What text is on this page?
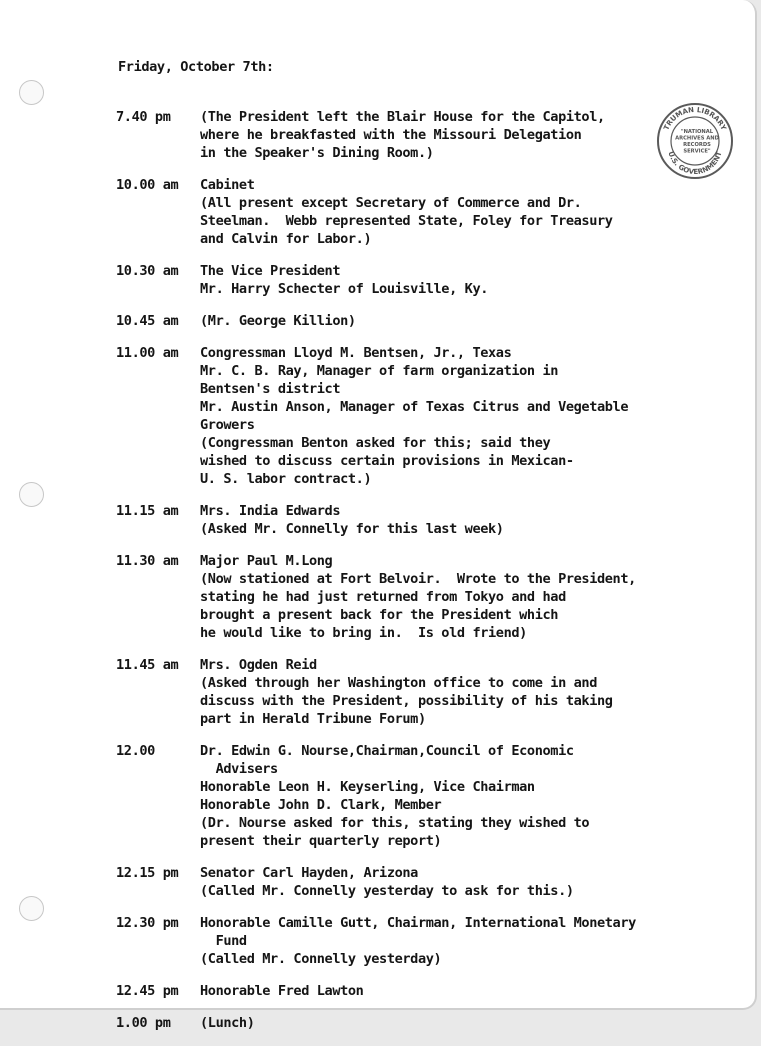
Friday, October 7th:
7.40 pm (The President left the Blair House for the Capitol,
where he breakfasted with the Missouri Delegation
in the Speaker's Dining Room.)
10.00 am Cabinet
(All present except Secretary of Commerce and Dr.
Steelman.  Webb represented State, Foley for Treasury
and Calvin for Labor.)
10.30 am The Vice President
Mr. Harry Schecter of Louisville, Ky.
10.45 am (Mr. George Killion)
11.00 am Congressman Lloyd M. Bentsen, Jr., Texas
Mr. C. B. Ray, Manager of farm organization in
Bentsen's district
Mr. Austin Anson, Manager of Texas Citrus and Vegetable
Growers
(Congressman Benton asked for this; said they
wished to discuss certain provisions in Mexican-
U. S. labor contract.)
11.15 am Mrs. India Edwards
(Asked Mr. Connelly for this last week)
11.30 am Major Paul M.Long
(Now stationed at Fort Belvoir.  Wrote to the President,
stating he had just returned from Tokyo and had
brought a present back for the President which
he would like to bring in.  Is old friend)
11.45 am Mrs. Ogden Reid
(Asked through her Washington office to come in and
discuss with the President, possibility of his taking
part in Herald Tribune Forum)
12.00	Dr. Edwin G. Nourse,Chairman,Council of Economic
Advisers
Honorable Leon H. Keyserling, Vice Chairman
Honorable John D. Clark, Member
(Dr. Nourse asked for this, stating they wished to
present their quarterly report)
12.15 pm Senator Carl Hayden, Arizona
(Called Mr. Connelly yesterday to ask for this.)
12.30 pm Honorable Camille Gutt, Chairman, International Monetary
Fund
(Called Mr. Connelly yesterday)
12.45 pm Honorable Fred Lawton
1.00 pm (Lunch)
TRUMAN LIBRARY
U.S. GOVERNMENT
"NATIONAL
ARCHIVES AND
RECORDS
SERVICE"
